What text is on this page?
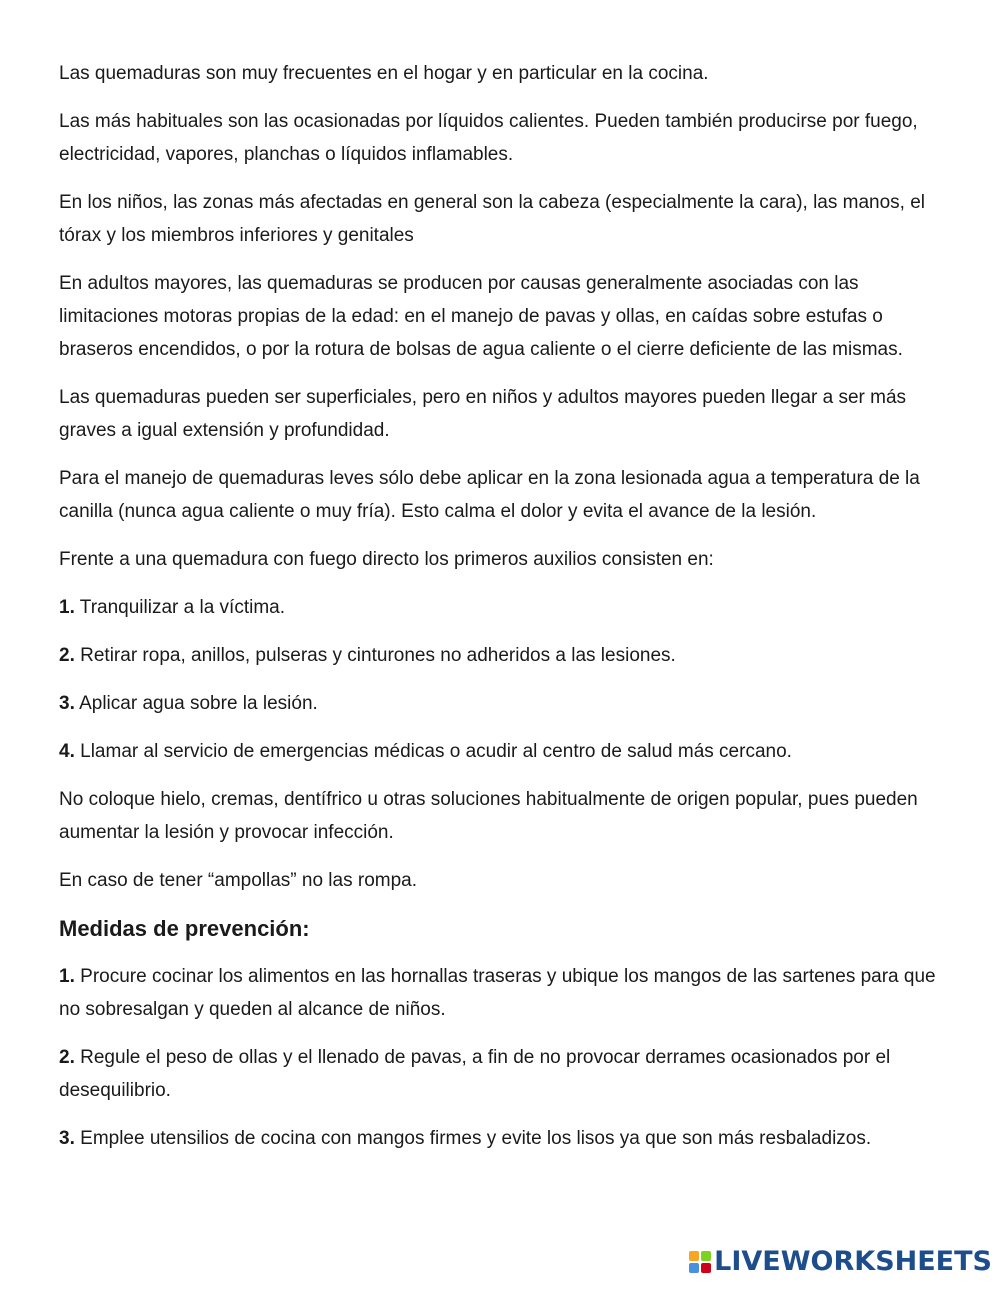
Las quemaduras son muy frecuentes en el hogar y en particular en la cocina.

Las más habituales son las ocasionadas por líquidos calientes. Pueden también producirse por fuego, electricidad, vapores, planchas o líquidos inflamables.

En los niños, las zonas más afectadas en general son la cabeza (especialmente la cara), las manos, el tórax y los miembros inferiores y genitales

En adultos mayores, las quemaduras se producen por causas generalmente asociadas con las limitaciones motoras propias de la edad: en el manejo de pavas y ollas, en caídas sobre estufas o braseros encendidos, o por la rotura de bolsas de agua caliente o el cierre deficiente de las mismas.

Las quemaduras pueden ser superficiales, pero en niños y adultos mayores pueden llegar a ser más graves a igual extensión y profundidad.

Para el manejo de quemaduras leves sólo debe aplicar en la zona lesionada agua a temperatura de la canilla (nunca agua caliente o muy fría). Esto calma el dolor y evita el avance de la lesión.

Frente a una quemadura con fuego directo los primeros auxilios consisten en:

1. Tranquilizar a la víctima.

2. Retirar ropa, anillos, pulseras y cinturones no adheridos a las lesiones.

3. Aplicar agua sobre la lesión.

4. Llamar al servicio de emergencias médicas o acudir al centro de salud más cercano.

No coloque hielo, cremas, dentífrico u otras soluciones habitualmente de origen popular, pues pueden aumentar la lesión y provocar infección.

En caso de tener “ampollas” no las rompa.

Medidas de prevención:

1. Procure cocinar los alimentos en las hornallas traseras y ubique los mangos de las sartenes para que no sobresalgan y queden al alcance de niños.

2. Regule el peso de ollas y el llenado de pavas, a fin de no provocar derrames ocasionados por el desequilibrio.

3. Emplee utensilios de cocina con mangos firmes y evite los lisos ya que son más resbaladizos.

LIVEWORKSHEETS
